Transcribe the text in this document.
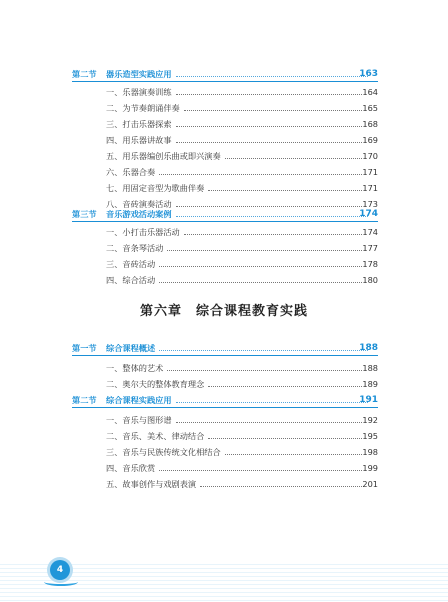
第二节 器乐造型实践应用	163
一、乐器演奏训练	164
二、为节奏朗诵伴奏	165
三、打击乐器探索	168
四、用乐器讲故事	169
五、用乐器编创乐曲或即兴演奏	170
六、乐器合奏	171
七、用固定音型为歌曲伴奏	171
八、音砖演奏活动	173
第三节 音乐游戏活动案例	174
一、小打击乐器活动	174
二、音条琴活动	177
三、音砖活动	178
四、综合活动	180
第六章 综合课程教育实践
第一节 综合课程概述	188
一、整体的艺术	188
二、奥尔夫的整体教育理念	189
第二节 综合课程实践应用	191
一、音乐与图形谱	192
二、音乐、美术、律动结合	195
三、音乐与民族传统文化相结合	198
四、音乐欣赏	199
五、故事创作与戏剧表演	201
4
